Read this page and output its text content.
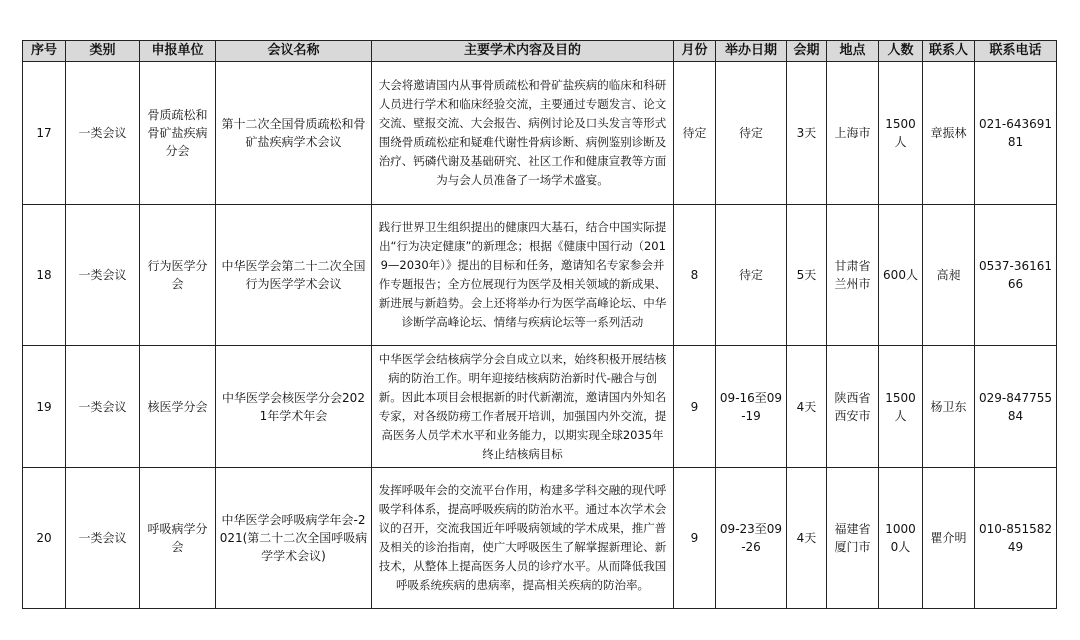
序号	类别	申报单位	会议名称	主要学术内容及目的	月份	举办日期	会期	地点	人数	联系人	联系电话
17	一类会议	骨质疏松和骨矿盐疾病分会	第十二次全国骨质疏松和骨矿盐疾病学术会议	大会将邀请国内从事骨质疏松和骨矿盐疾病的临床和科研人员进行学术和临床经验交流，主要通过专题发言、论文交流、壁报交流、大会报告、病例讨论及口头发言等形式围绕骨质疏松症和疑难代谢性骨病诊断、病例鉴别诊断及治疗、钙磷代谢及基础研究、社区工作和健康宣教等方面为与会人员准备了一场学术盛宴。	待定	待定	3天	上海市	1500人	章振林	021-64369181
18	一类会议	行为医学分会	中华医学会第二十二次全国行为医学学术会议	践行世界卫生组织提出的健康四大基石，结合中国实际提出“行为决定健康”的新理念；根据《健康中国行动（2019—2030年）》提出的目标和任务，邀请知名专家参会并作专题报告；全方位展现行为医学及相关领域的新成果、新进展与新趋势。会上还将举办行为医学高峰论坛、中华诊断学高峰论坛、情绪与疾病论坛等一系列活动	8	待定	5天	甘肃省兰州市	600人	高昶	0537-3616166
19	一类会议	核医学分会	中华医学会核医学分会2021年学术年会	中华医学会结核病学分会自成立以来，始终积极开展结核病的防治工作。明年迎接结核病防治新时代-融合与创新。因此本项目会根据新的时代新潮流，邀请国内外知名专家，对各级防痨工作者展开培训，加强国内外交流，提高医务人员学术水平和业务能力，以期实现全球2035年终止结核病目标	9	09-16至09-19	4天	陕西省西安市	1500人	杨卫东	029-84775584
20	一类会议	呼吸病学分会	中华医学会呼吸病学年会-2021(第二十二次全国呼吸病学学术会议)	发挥呼吸年会的交流平台作用，构建多学科交融的现代呼吸学科体系，提高呼吸疾病的防治水平。通过本次学术会议的召开，交流我国近年呼吸病领域的学术成果，推广普及相关的诊治指南，使广大呼吸医生了解掌握新理论、新技术，从整体上提高医务人员的诊疗水平。从而降低我国呼吸系统疾病的患病率，提高相关疾病的防治率。	9	09-23至09-26	4天	福建省厦门市	10000人	瞿介明	010-85158249
